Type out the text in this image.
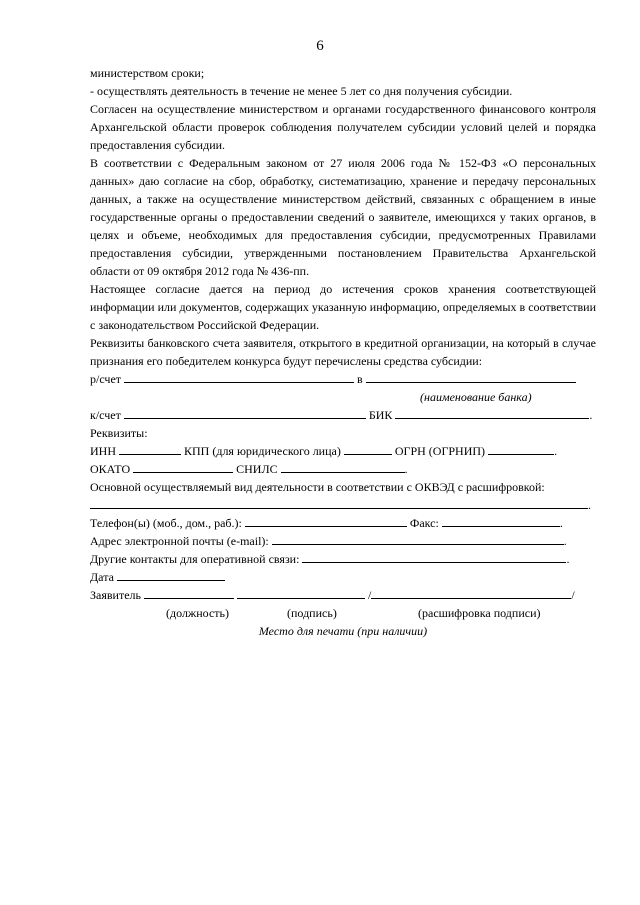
6

министерством сроки;

- осуществлять деятельность в течение не менее 5 лет со дня получения субсидии.

Согласен на осуществление министерством и органами государственного финансового контроля Архангельской области проверок соблюдения получателем субсидии условий целей и порядка предоставления субсидии.

В соответствии с Федеральным законом от 27 июля 2006 года № 152-ФЗ «О персональных данных» даю согласие на сбор, обработку, систематизацию, хранение и передачу персональных данных, а также на осуществление министерством действий, связанных с обращением в иные государственные органы о предоставлении сведений о заявителе, имеющихся у таких органов, в целях и объеме, необходимых для предоставления субсидии, предусмотренных Правилами предоставления субсидии, утвержденными постановлением Правительства Архангельской области от 09 октября 2012 года № 436-пп.

Настоящее согласие дается на период до истечения сроков хранения соответствующей информации или документов, содержащих указанную информацию, определяемых в соответствии с законодательством Российской Федерации.

Реквизиты банковского счета заявителя, открытого в кредитной организации, на который в случае признания его победителем конкурса будут перечислены средства субсидии:

р/счет	в
(наименование банка)
к/счет	БИК	.
Реквизиты:
ИНН	КПП (для юридического лица)	ОГРН (ОГРНИП)	.
ОКАТО	СНИЛС	.
Основной осуществляемый вид деятельности в соответствии с ОКВЭД с расшифровкой:
.
Телефон(ы) (моб., дом., раб.):	Факс:	.
Адрес электронной почты (e-mail):	.
Другие контакты для оперативной связи:	.
Дата
Заявитель	/	/
(должность)	(подпись)	(расшифровка подписи)
Место для печати (при наличии)
